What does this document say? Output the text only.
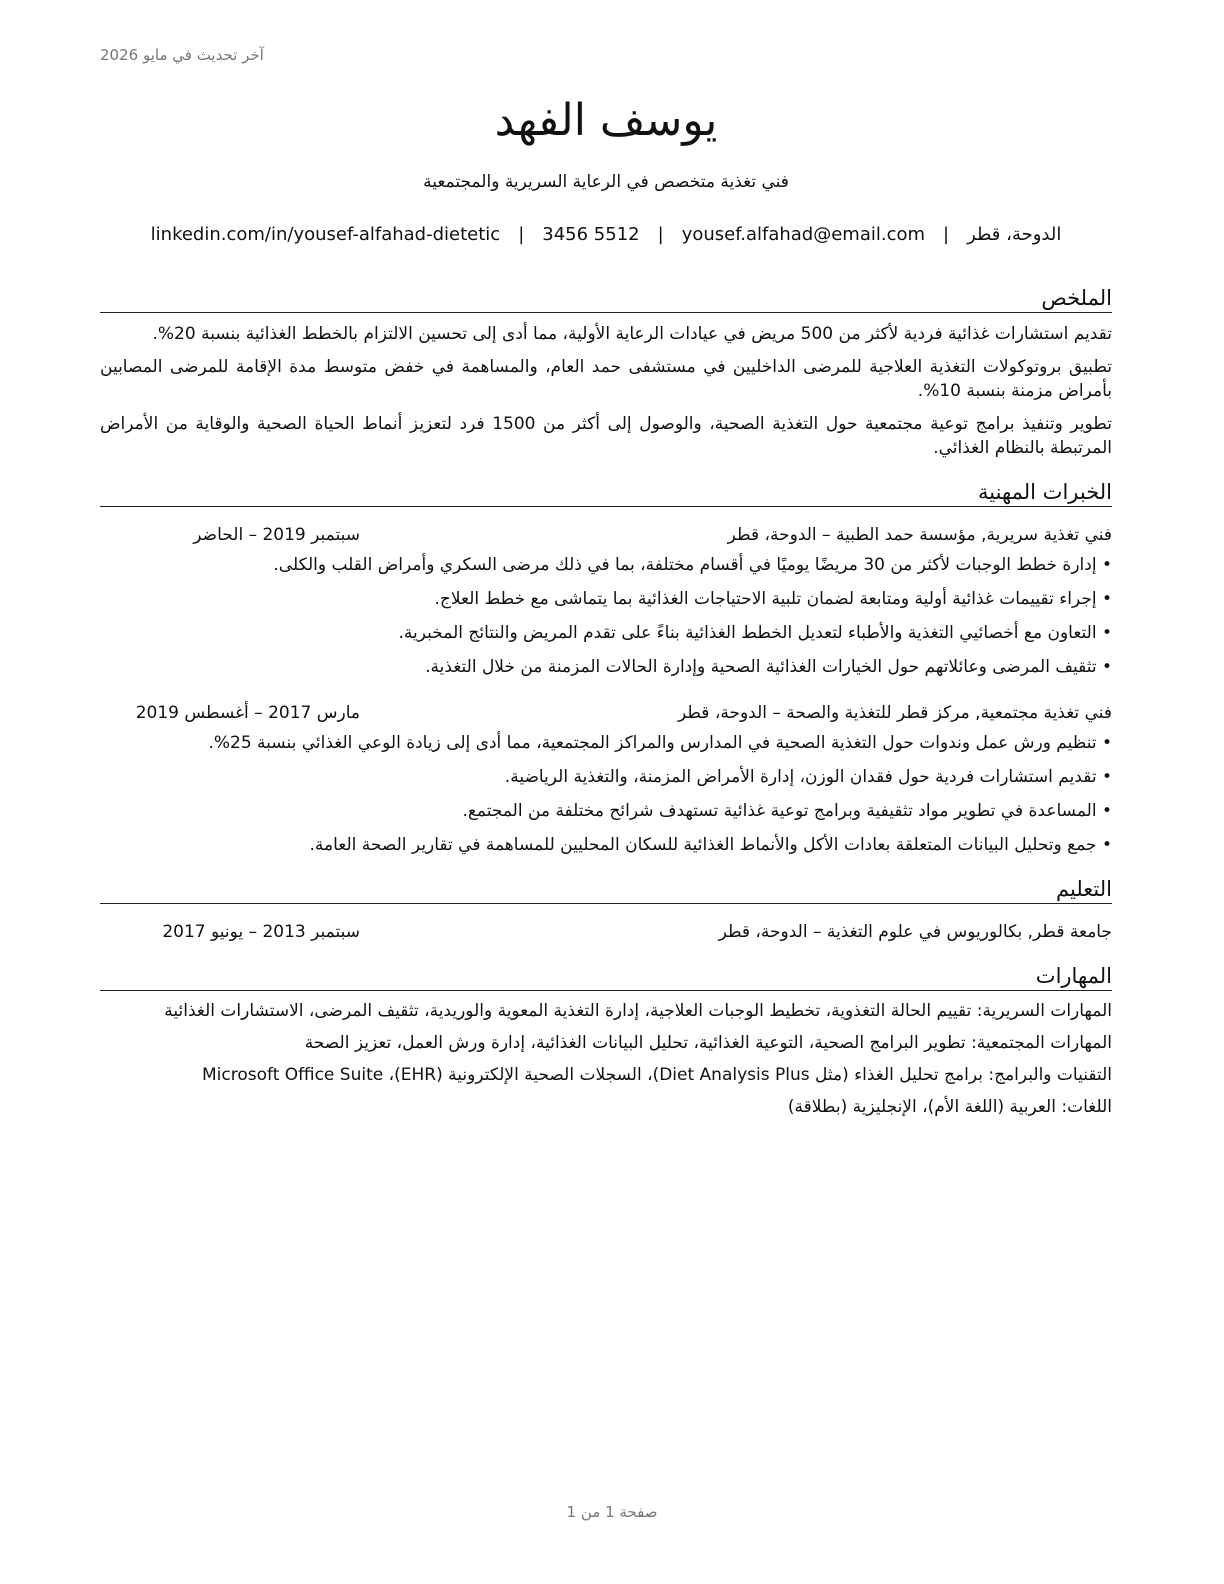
آخر تحديث في مايو 2026
يوسف الفهد
فني تغذية متخصص في الرعاية السريرية والمجتمعية
الدوحة، قطر
|
yousef.alfahad@email.com
|
3456 5512
|
linkedin.com/in/yousef-alfahad-dietetic
الملخص
تقديم استشارات غذائية فردية لأكثر من 500 مريض في عيادات الرعاية الأولية، مما أدى إلى تحسين الالتزام بالخطط الغذائية بنسبة 20%.
تطبيق بروتوكولات التغذية العلاجية للمرضى الداخليين في مستشفى حمد العام، والمساهمة في خفض متوسط مدة الإقامة للمرضى المصابين بأمراض مزمنة بنسبة 10%.
تطوير وتنفيذ برامج توعية مجتمعية حول التغذية الصحية، والوصول إلى أكثر من 1500 فرد لتعزيز أنماط الحياة الصحية والوقاية من الأمراض المرتبطة بالنظام الغذائي.
الخبرات المهنية
فني تغذية سريرية, مؤسسة حمد الطبية – الدوحة، قطر
سبتمبر 2019 – الحاضر
• إدارة خطط الوجبات لأكثر من 30 مريضًا يوميًا في أقسام مختلفة، بما في ذلك مرضى السكري وأمراض القلب والكلى.
• إجراء تقييمات غذائية أولية ومتابعة لضمان تلبية الاحتياجات الغذائية بما يتماشى مع خطط العلاج.
• التعاون مع أخصائيي التغذية والأطباء لتعديل الخطط الغذائية بناءً على تقدم المريض والنتائج المخبرية.
• تثقيف المرضى وعائلاتهم حول الخيارات الغذائية الصحية وإدارة الحالات المزمنة من خلال التغذية.
فني تغذية مجتمعية, مركز قطر للتغذية والصحة – الدوحة، قطر
مارس 2017 – أغسطس 2019
• تنظيم ورش عمل وندوات حول التغذية الصحية في المدارس والمراكز المجتمعية، مما أدى إلى زيادة الوعي الغذائي بنسبة 25%.
• تقديم استشارات فردية حول فقدان الوزن، إدارة الأمراض المزمنة، والتغذية الرياضية.
• المساعدة في تطوير مواد تثقيفية وبرامج توعية غذائية تستهدف شرائح مختلفة من المجتمع.
• جمع وتحليل البيانات المتعلقة بعادات الأكل والأنماط الغذائية للسكان المحليين للمساهمة في تقارير الصحة العامة.
التعليم
جامعة قطر, بكالوريوس في علوم التغذية – الدوحة، قطر
سبتمبر 2013 – يونيو 2017
المهارات
المهارات السريرية: تقييم الحالة التغذوية، تخطيط الوجبات العلاجية، إدارة التغذية المعوية والوريدية، تثقيف المرضى، الاستشارات الغذائية
المهارات المجتمعية: تطوير البرامج الصحية، التوعية الغذائية، تحليل البيانات الغذائية، إدارة ورش العمل، تعزيز الصحة
التقنيات والبرامج: برامج تحليل الغذاء (مثل Diet Analysis Plus)، السجلات الصحية الإلكترونية (EHR)، Microsoft Office Suite
اللغات: العربية (اللغة الأم)، الإنجليزية (بطلاقة)
صفحة 1 من 1
